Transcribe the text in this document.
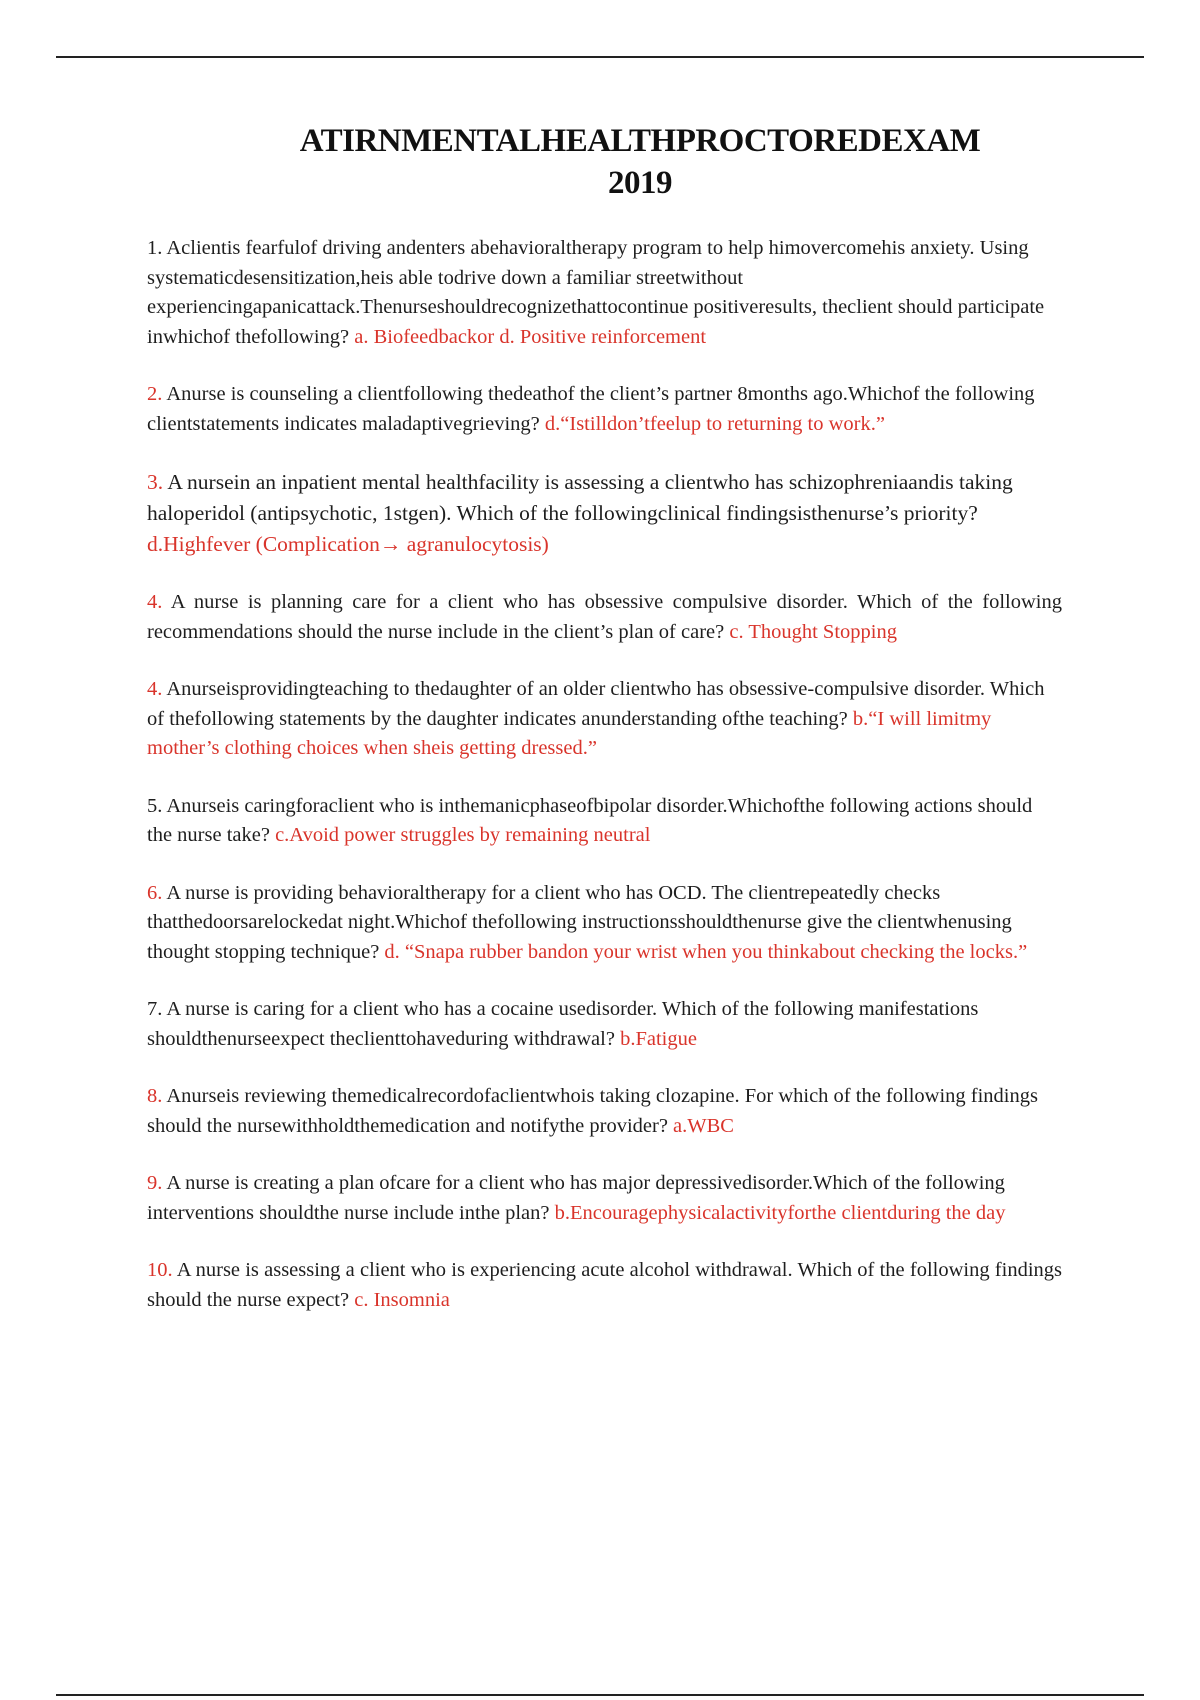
ATIRNMENTALHEALTHPROCTOREDEXAM
2019

1. Aclientis fearfulof driving andenters abehavioraltherapy program to help himovercomehis anxiety. Using systematicdesensitization,heis able todrive down a familiar streetwithout experiencingapanicattack.Thenurseshouldrecognizethattocontinue positiveresults, theclient should participate inwhichof thefollowing? a. Biofeedbackor d. Positive reinforcement

2. Anurse is counseling a clientfollowing thedeathof the client’s partner 8months ago.Whichof the following clientstatements indicates maladaptivegrieving? d.“Istilldon’tfeelup to returning to work.”

3. A nursein an inpatient mental healthfacility is assessing a clientwho has schizophreniaandis taking haloperidol (antipsychotic, 1stgen). Which of the followingclinical findingsisthenurse’s priority? d.Highfever (Complication→ agranulocytosis)

4. A nurse is planning care for a client who has obsessive compulsive disorder. Which of the following recommendations should the nurse include in the client’s plan of care? c. Thought Stopping

4. Anurseisprovidingteaching to thedaughter of an older clientwho has obsessive-compulsive disorder. Which of thefollowing statements by the daughter indicates anunderstanding ofthe teaching? b.“I will limitmy mother’s clothing choices when sheis getting dressed.”

5. Anurseis caringforaclient who is inthemanicphaseofbipolar disorder.Whichofthe following actions should the nurse take? c.Avoid power struggles by remaining neutral

6. A nurse is providing behavioraltherapy for a client who has OCD. The clientrepeatedly checks thatthedoorsarelockedat night.Whichof thefollowing instructionsshouldthenurse give the clientwhenusing thought stopping technique? d. “Snapa rubber bandon your wrist when you thinkabout checking the locks.”

7. A nurse is caring for a client who has a cocaine usedisorder. Which of the following manifestations shouldthenurseexpect theclienttohaveduring withdrawal? b.Fatigue

8. Anurseis reviewing themedicalrecordofaclientwhois taking clozapine. For which of the following findings should the nursewithholdthemedication and notifythe provider? a.WBC

9. A nurse is creating a plan ofcare for a client who has major depressivedisorder.Which of the following interventions shouldthe nurse include inthe plan? b.Encouragephysicalactivityforthe clientduring the day

10. A nurse is assessing a client who is experiencing acute alcohol withdrawal. Which of the following findings should the nurse expect? c. Insomnia
